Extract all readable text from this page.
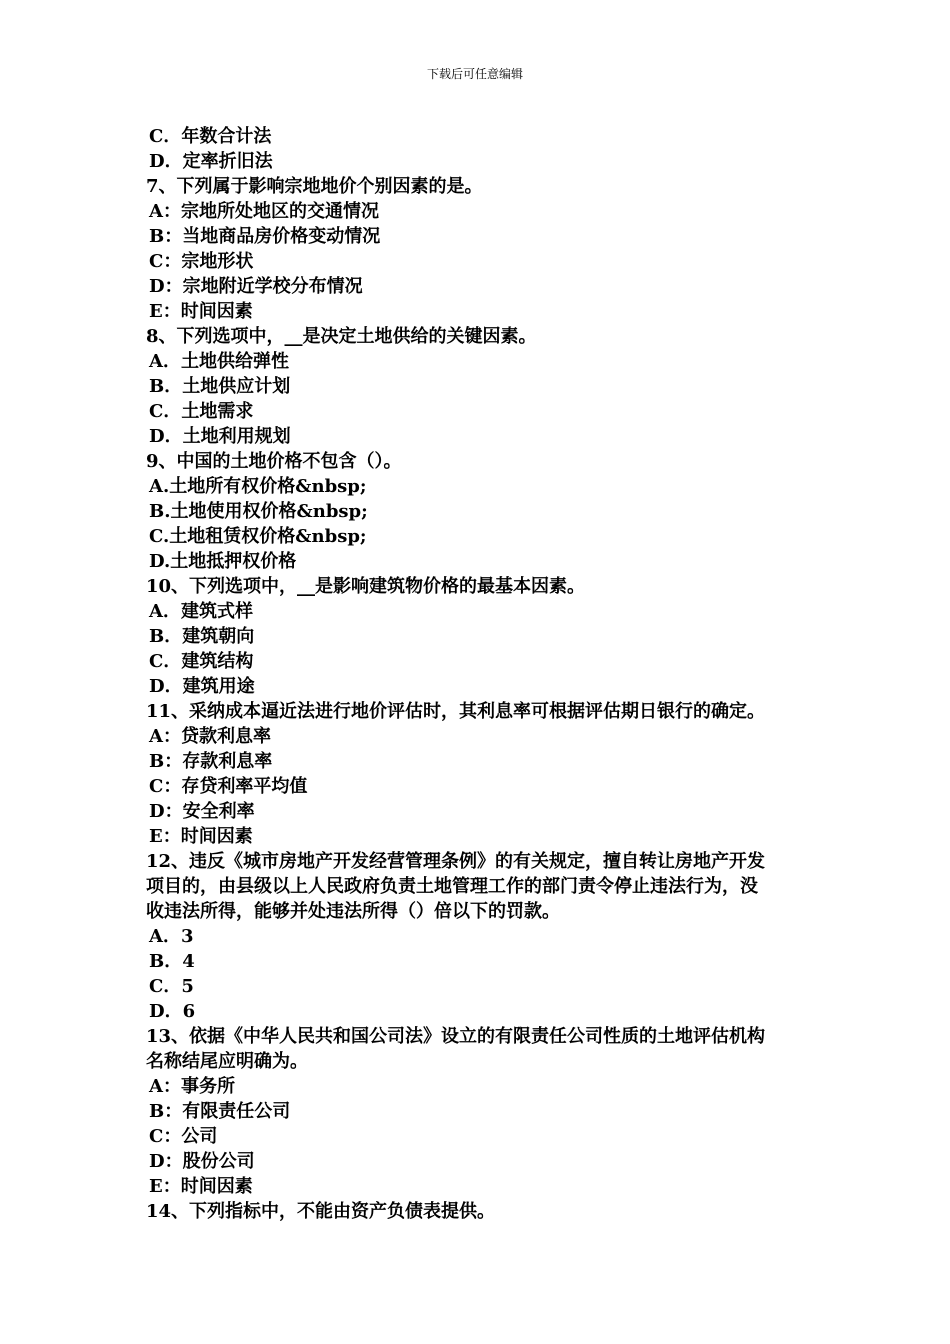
下载后可任意编辑
C．年数合计法
D．定率折旧法
7、下列属于影响宗地地价个别因素的是。
A：宗地所处地区的交通情况
B：当地商品房价格变动情况
C：宗地形状
D：宗地附近学校分布情况
E：时间因素
8、下列选项中，__是决定土地供给的关键因素。
A．土地供给弹性
B．土地供应计划
C．土地需求
D．土地利用规划
9、中国的土地价格不包含（）。
A.土地所有权价格&nbsp;
B.土地使用权价格&nbsp;
C.土地租赁权价格&nbsp;
D.土地抵押权价格
10、下列选项中，__是影响建筑物价格的最基本因素。
A．建筑式样
B．建筑朝向
C．建筑结构
D．建筑用途
11、采纳成本逼近法进行地价评估时，其利息率可根据评估期日银行的确定。
A：贷款利息率
B：存款利息率
C：存贷利率平均值
D：安全利率
E：时间因素
12、违反《城市房地产开发经营管理条例》的有关规定，擅自转让房地产开发
项目的，由县级以上人民政府负责土地管理工作的部门责令停止违法行为，没
收违法所得，能够并处违法所得（）倍以下的罚款。
A．3
B．4
C．5
D．6
13、依据《中华人民共和国公司法》设立的有限责任公司性质的土地评估机构
名称结尾应明确为。
A：事务所
B：有限责任公司
C：公司
D：股份公司
E：时间因素
14、下列指标中，不能由资产负债表提供。
